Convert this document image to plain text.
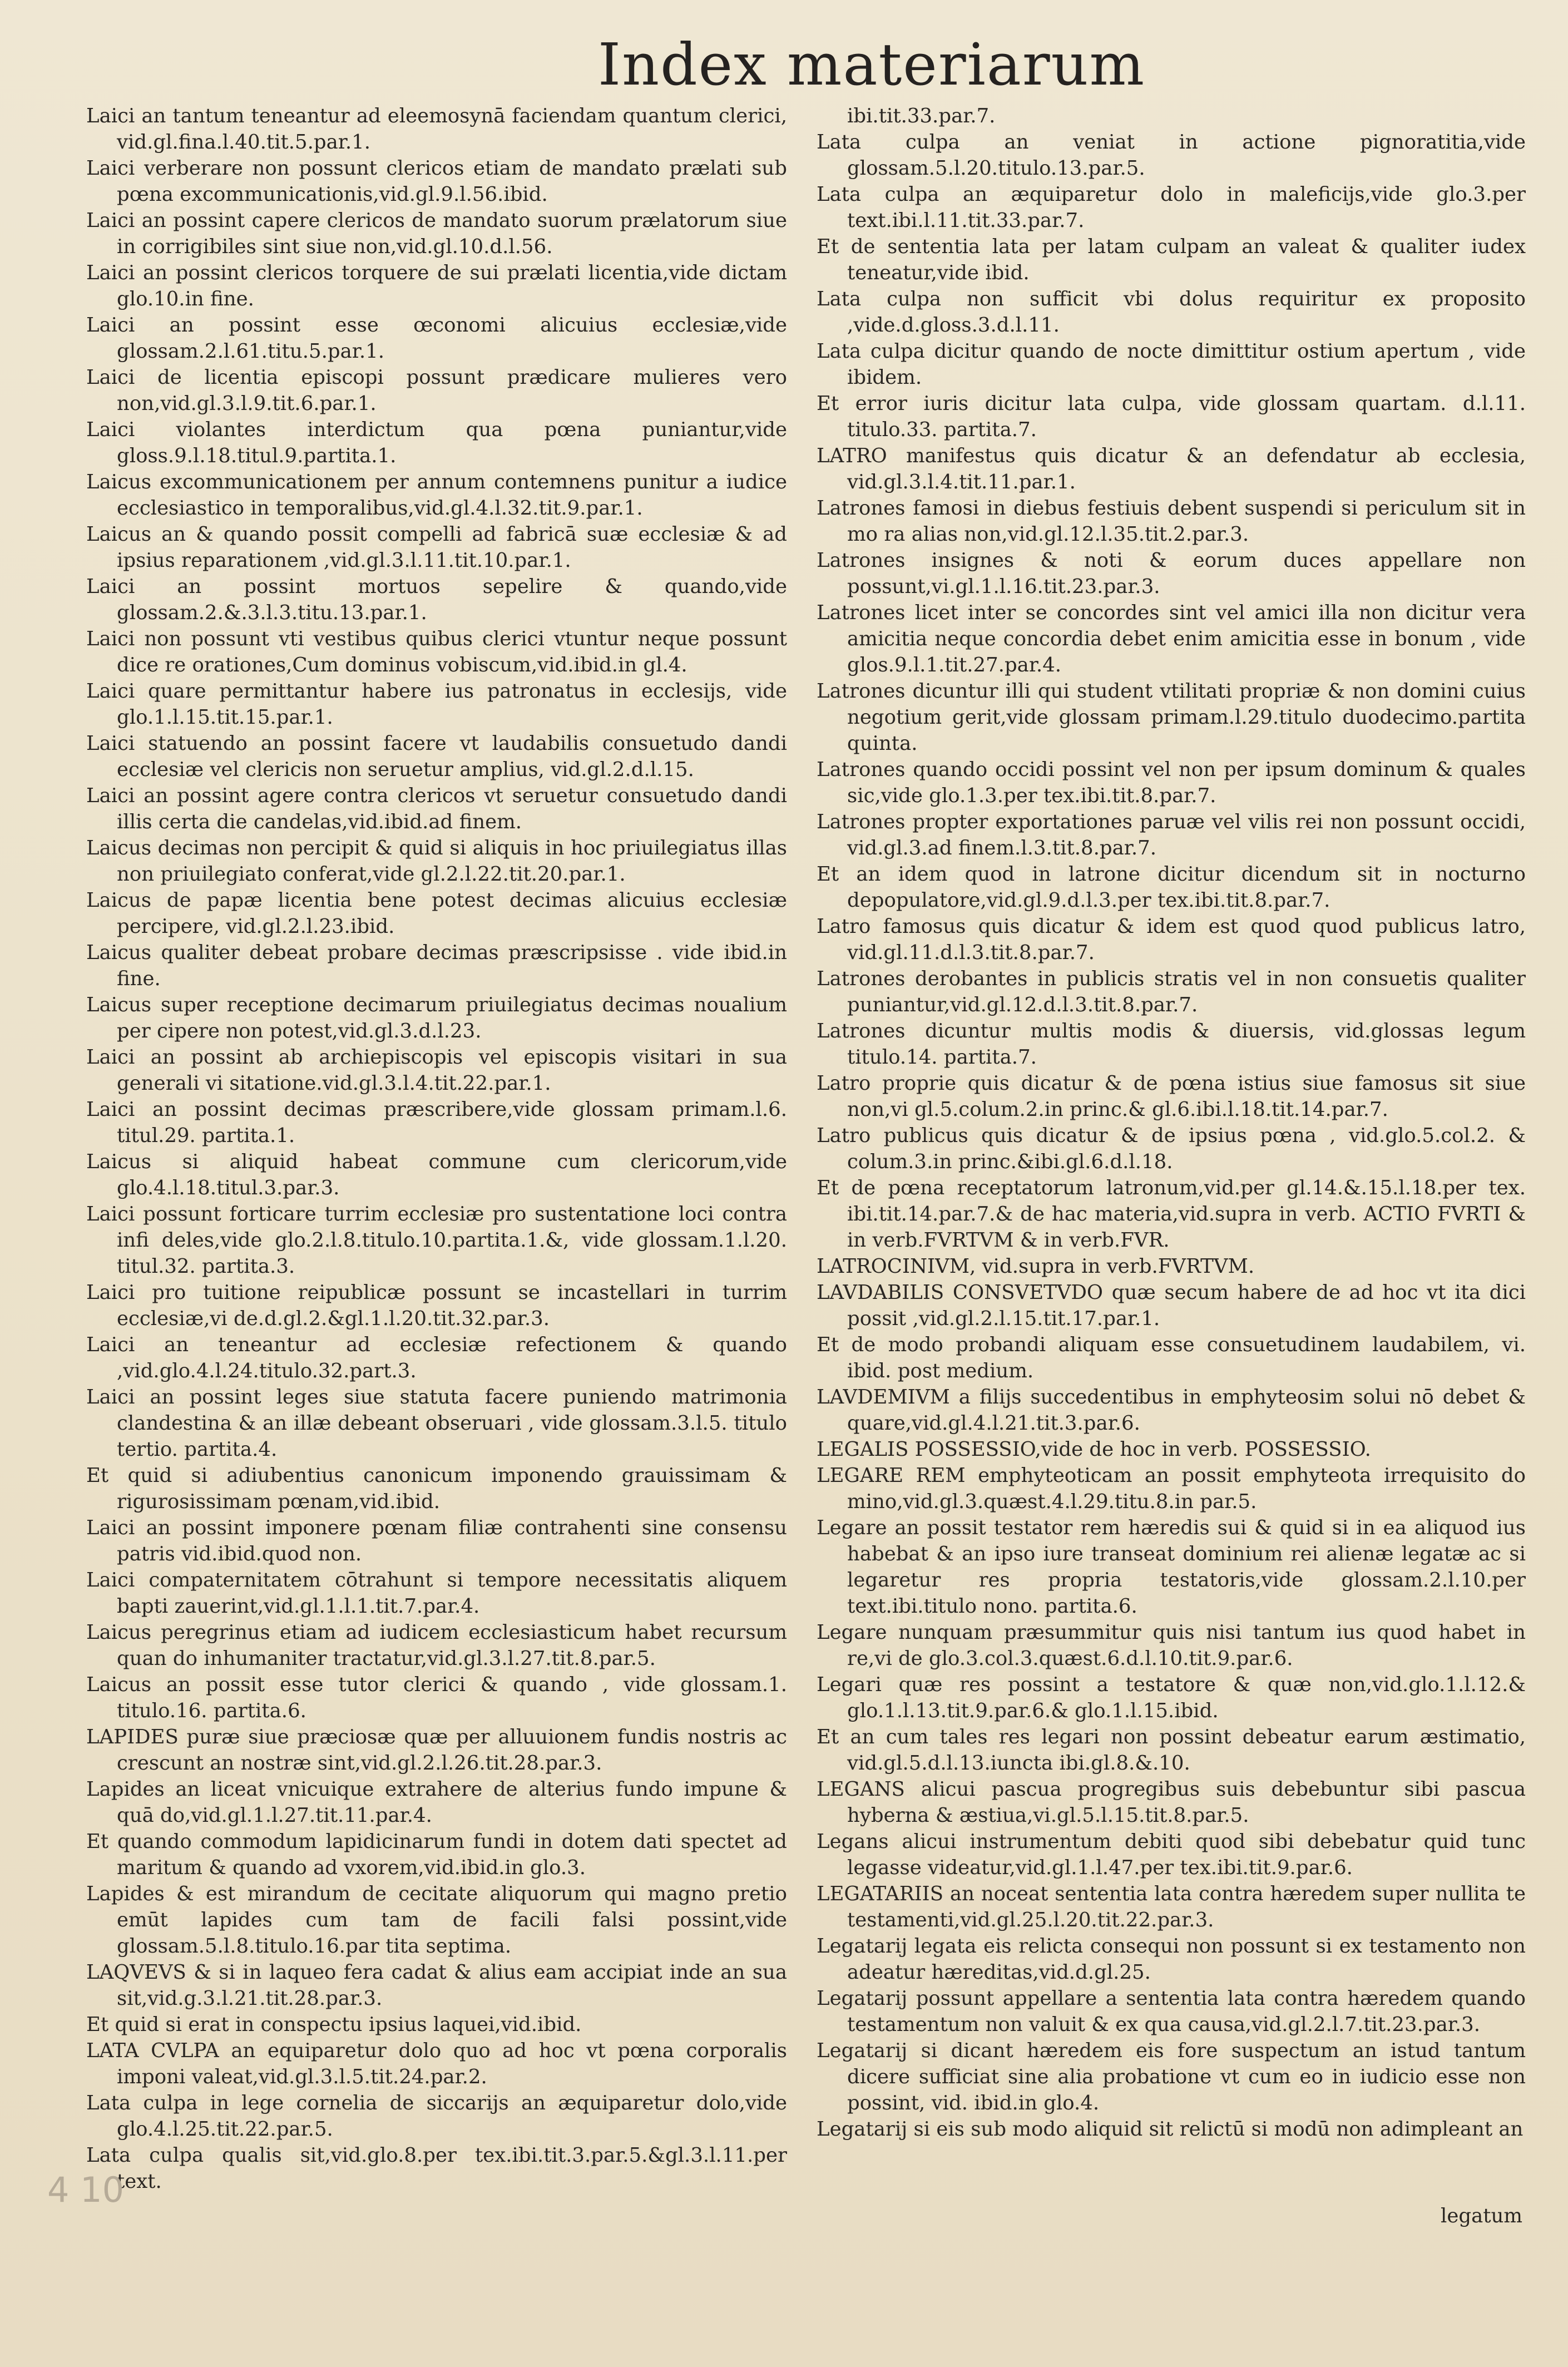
Index materiarum
Laici an tantum teneantur ad eleemosynā faciendam quantum clerici, vid.gl.fina.l.40.tit.5.par.1.
Laici verberare non possunt clericos etiam de mandato prælati sub pœna excommunicationis,vid.gl.9.l.56.ibid.
Laici an possint capere clericos de mandato suorum prælatorum siue in corrigibiles sint siue non,vid.gl.10.d.l.56.
Laici an possint clericos torquere de sui prælati licentia,vide dictam glo.10.in fine.
Laici an possint esse œconomi alicuius ecclesiæ,vide glossam.2.l.61.titu.5.par.1.
Laici de licentia episcopi possunt prædicare mulieres vero non,vid.gl.3.l.9.tit.6.par.1.
Laici violantes interdictum qua pœna puniantur,vide gloss.9.l.18.titul.9.partita.1.
Laicus excommunicationem per annum contemnens punitur a iudice ecclesiastico in temporalibus,vid.gl.4.l.32.tit.9.par.1.
Laicus an & quando possit compelli ad fabricā suæ ecclesiæ & ad ipsius reparationem ,vid.gl.3.l.11.tit.10.par.1.
Laici an possint mortuos sepelire & quando,vide glossam.2.&.3.l.3.titu.13.par.1.
Laici non possunt vti vestibus quibus clerici vtuntur neque possunt dice re orationes,Cum dominus vobiscum,vid.ibid.in gl.4.
Laici quare permittantur habere ius patronatus in ecclesijs, vide glo.1.l.15.tit.15.par.1.
Laici statuendo an possint facere vt laudabilis consuetudo dandi ecclesiæ vel clericis non seruetur amplius, vid.gl.2.d.l.15.
Laici an possint agere contra clericos vt seruetur consuetudo dandi illis certa die candelas,vid.ibid.ad finem.
Laicus decimas non percipit & quid si aliquis in hoc priuilegiatus illas non priuilegiato conferat,vide gl.2.l.22.tit.20.par.1.
Laicus de papæ licentia bene potest decimas alicuius ecclesiæ percipere, vid.gl.2.l.23.ibid.
Laicus qualiter debeat probare decimas præscripsisse . vide ibid.in fine.
Laicus super receptione decimarum priuilegiatus decimas noualium per cipere non potest,vid.gl.3.d.l.23.
Laici an possint ab archiepiscopis vel episcopis visitari in sua generali vi sitatione.vid.gl.3.l.4.tit.22.par.1.
Laici an possint decimas præscribere,vide glossam primam.l.6. titul.29. partita.1.
Laicus si aliquid habeat commune cum clericorum,vide glo.4.l.18.titul.3.par.3.
Laici possunt forticare turrim ecclesiæ pro sustentatione loci contra infi deles,vide glo.2.l.8.titulo.10.partita.1.&, vide glossam.1.l.20. titul.32. partita.3.
Laici pro tuitione reipublicæ possunt se incastellari in turrim ecclesiæ,vi de.d.gl.2.&gl.1.l.20.tit.32.par.3.
Laici an teneantur ad ecclesiæ refectionem & quando ,vid.glo.4.l.24.titulo.32.part.3.
Laici an possint leges siue statuta facere puniendo matrimonia clandestina & an illæ debeant obseruari , vide glossam.3.l.5. titulo tertio. partita.4.
Et quid si adiubentius canonicum imponendo grauissimam & rigurosissimam pœnam,vid.ibid.
Laici an possint imponere pœnam filiæ contrahenti sine consensu patris vid.ibid.quod non.
Laici compaternitatem cōtrahunt si tempore necessitatis aliquem bapti zauerint,vid.gl.1.l.1.tit.7.par.4.
Laicus peregrinus etiam ad iudicem ecclesiasticum habet recursum quan do inhumaniter tractatur,vid.gl.3.l.27.tit.8.par.5.
Laicus an possit esse tutor clerici & quando , vide glossam.1. titulo.16. partita.6.
LAPIDES puræ siue præciosæ quæ per alluuionem fundis nostris ac crescunt an nostræ sint,vid.gl.2.l.26.tit.28.par.3.
Lapides an liceat vnicuique extrahere de alterius fundo impune & quā do,vid.gl.1.l.27.tit.11.par.4.
Et quando commodum lapidicinarum fundi in dotem dati spectet ad maritum & quando ad vxorem,vid.ibid.in glo.3.
Lapides & est mirandum de cecitate aliquorum qui magno pretio emūt lapides cum tam de facili falsi possint,vide glossam.5.l.8.titulo.16.par tita septima.
LAQVEVS & si in laqueo fera cadat & alius eam accipiat inde an sua sit,vid.g.3.l.21.tit.28.par.3.
Et quid si erat in conspectu ipsius laquei,vid.ibid.
LATA CVLPA an equiparetur dolo quo ad hoc vt pœna corporalis imponi valeat,vid.gl.3.l.5.tit.24.par.2.
Lata culpa in lege cornelia de siccarijs an æquiparetur dolo,vide glo.4.l.25.tit.22.par.5.
Lata culpa qualis sit,vid.glo.8.per tex.ibi.tit.3.par.5.&gl.3.l.11.per text.
ibi.tit.33.par.7.
Lata culpa an veniat in actione pignoratitia,vide glossam.5.l.20.titulo.13.par.5.
Lata culpa an æquiparetur dolo in maleficijs,vide glo.3.per text.ibi.l.11.tit.33.par.7.
Et de sententia lata per latam culpam an valeat & qualiter iudex teneatur,vide ibid.
Lata culpa non sufficit vbi dolus requiritur ex proposito ,vide.d.gloss.3.d.l.11.
Lata culpa dicitur quando de nocte dimittitur ostium apertum , vide ibidem.
Et error iuris dicitur lata culpa, vide glossam quartam. d.l.11. titulo.33. partita.7.
LATRO manifestus quis dicatur & an defendatur ab ecclesia, vid.gl.3.l.4.tit.11.par.1.
Latrones famosi in diebus festiuis debent suspendi si periculum sit in mo ra alias non,vid.gl.12.l.35.tit.2.par.3.
Latrones insignes & noti & eorum duces appellare non possunt,vi.gl.1.l.16.tit.23.par.3.
Latrones licet inter se concordes sint vel amici illa non dicitur vera amicitia neque concordia debet enim amicitia esse in bonum , vide glos.9.l.1.tit.27.par.4.
Latrones dicuntur illi qui student vtilitati propriæ & non domini cuius negotium gerit,vide glossam primam.l.29.titulo duodecimo.partita quinta.
Latrones quando occidi possint vel non per ipsum dominum & quales sic,vide glo.1.3.per tex.ibi.tit.8.par.7.
Latrones propter exportationes paruæ vel vilis rei non possunt occidi, vid.gl.3.ad finem.l.3.tit.8.par.7.
Et an idem quod in latrone dicitur dicendum sit in nocturno depopulatore,vid.gl.9.d.l.3.per tex.ibi.tit.8.par.7.
Latro famosus quis dicatur & idem est quod quod publicus latro, vid.gl.11.d.l.3.tit.8.par.7.
Latrones derobantes in publicis stratis vel in non consuetis qualiter puniantur,vid.gl.12.d.l.3.tit.8.par.7.
Latrones dicuntur multis modis & diuersis, vid.glossas legum titulo.14. partita.7.
Latro proprie quis dicatur & de pœna istius siue famosus sit siue non,vi gl.5.colum.2.in princ.& gl.6.ibi.l.18.tit.14.par.7.
Latro publicus quis dicatur & de ipsius pœna , vid.glo.5.col.2. & colum.3.in princ.&ibi.gl.6.d.l.18.
Et de pœna receptatorum latronum,vid.per gl.14.&.15.l.18.per tex. ibi.tit.14.par.7.& de hac materia,vid.supra in verb. ACTIO FVRTI & in verb.FVRTVM & in verb.FVR.
LATROCINIVM, vid.supra in verb.FVRTVM.
LAVDABILIS CONSVETVDO quæ secum habere de ad hoc vt ita dici possit ,vid.gl.2.l.15.tit.17.par.1.
Et de modo probandi aliquam esse consuetudinem laudabilem, vi. ibid. post medium.
LAVDEMIVM a filijs succedentibus in emphyteosim solui nō debet & quare,vid.gl.4.l.21.tit.3.par.6.
LEGALIS POSSESSIO,vide de hoc in verb. POSSESSIO.
LEGARE REM emphyteoticam an possit emphyteota irrequisito do mino,vid.gl.3.quæst.4.l.29.titu.8.in par.5.
Legare an possit testator rem hæredis sui & quid si in ea aliquod ius habebat & an ipso iure transeat dominium rei alienæ legatæ ac si legaretur res propria testatoris,vide glossam.2.l.10.per text.ibi.titulo nono. partita.6.
Legare nunquam præsummitur quis nisi tantum ius quod habet in re,vi de glo.3.col.3.quæst.6.d.l.10.tit.9.par.6.
Legari quæ res possint a testatore & quæ non,vid.glo.1.l.12.& glo.1.l.13.tit.9.par.6.& glo.1.l.15.ibid.
Et an cum tales res legari non possint debeatur earum æstimatio, vid.gl.5.d.l.13.iuncta ibi.gl.8.&.10.
LEGANS alicui pascua progregibus suis debebuntur sibi pascua hyberna & æstiua,vi.gl.5.l.15.tit.8.par.5.
Legans alicui instrumentum debiti quod sibi debebatur quid tunc legasse videatur,vid.gl.1.l.47.per tex.ibi.tit.9.par.6.
LEGATARIIS an noceat sententia lata contra hæredem super nullita te testamenti,vid.gl.25.l.20.tit.22.par.3.
Legatarij legata eis relicta consequi non possunt si ex testamento non adeatur hæreditas,vid.d.gl.25.
Legatarij possunt appellare a sententia lata contra hæredem quando testamentum non valuit & ex qua causa,vid.gl.2.l.7.tit.23.par.3.
Legatarij si dicant hæredem eis fore suspectum an istud tantum dicere sufficiat sine alia probatione vt cum eo in iudicio esse non possint, vid. ibid.in glo.4.
Legatarij si eis sub modo aliquid sit relictū si modū non adimpleant an
legatum
4 10
